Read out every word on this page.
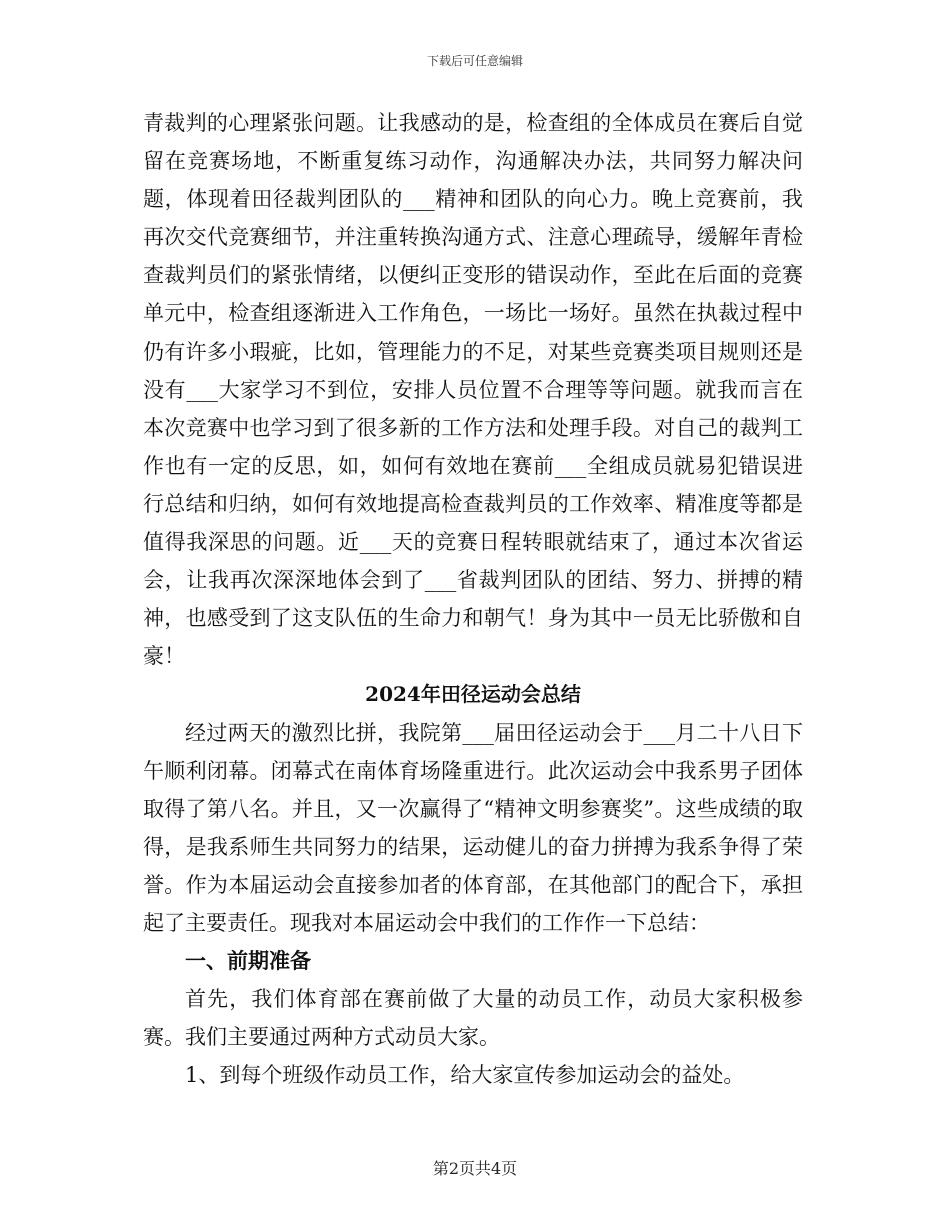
下载后可任意编辑

青裁判的心理紧张问题。让我感动的是，检查组的全体成员在赛后自觉留在竞赛场地，不断重复练习动作，沟通解决办法，共同努力解决问题，体现着田径裁判团队的___精神和团队的向心力。晚上竞赛前，我再次交代竞赛细节，并注重转换沟通方式、注意心理疏导，缓解年青检查裁判员们的紧张情绪，以便纠正变形的错误动作，至此在后面的竞赛单元中，检查组逐渐进入工作角色，一场比一场好。虽然在执裁过程中仍有许多小瑕疵，比如，管理能力的不足，对某些竞赛类项目规则还是没有___大家学习不到位，安排人员位置不合理等等问题。就我而言在本次竞赛中也学习到了很多新的工作方法和处理手段。对自己的裁判工作也有一定的反思，如，如何有效地在赛前___全组成员就易犯错误进行总结和归纳，如何有效地提高检查裁判员的工作效率、精准度等都是值得我深思的问题。近___天的竞赛日程转眼就结束了，通过本次省运会，让我再次深深地体会到了___省裁判团队的团结、努力、拼搏的精神，也感受到了这支队伍的生命力和朝气！身为其中一员无比骄傲和自豪！

2024年田径运动会总结

经过两天的激烈比拼，我院第___届田径运动会于___月二十八日下午顺利闭幕。闭幕式在南体育场隆重进行。此次运动会中我系男子团体取得了第八名。并且，又一次赢得了“精神文明参赛奖”。这些成绩的取得，是我系师生共同努力的结果，运动健儿的奋力拼搏为我系争得了荣誉。作为本届运动会直接参加者的体育部，在其他部门的配合下，承担起了主要责任。现我对本届运动会中我们的工作作一下总结：

一、前期准备

首先，我们体育部在赛前做了大量的动员工作，动员大家积极参赛。我们主要通过两种方式动员大家。

1、到每个班级作动员工作，给大家宣传参加运动会的益处。

第2页共4页
